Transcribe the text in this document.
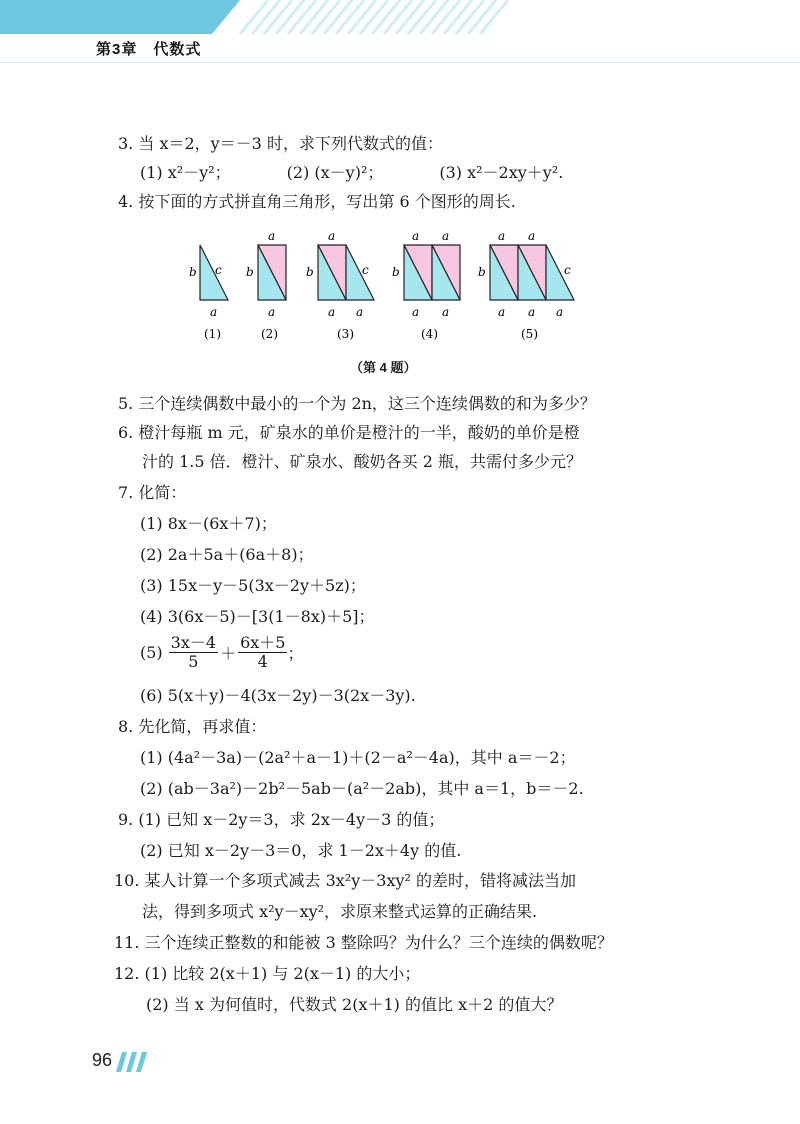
第3章　代数式
3. 当 x＝2，y＝－3 时，求下列代数式的值：
(1) x²－y²；　　　　(2) (x－y)²；　　　　(3) x²－2xy＋y².
4. 按下面的方式拼直角三角形，写出第 6 个图形的周长.
b c
a
a
b
a
a
b	c
a a
a a
b
a a
a a
b	c
a a a
(1)	(2)	(3)	(4)	(5)
（第 4 题）
5. 三个连续偶数中最小的一个为 2n，这三个连续偶数的和为多少？
6. 橙汁每瓶 m 元，矿泉水的单价是橙汁的一半，酸奶的单价是橙
汁的 1.5 倍．橙汁、矿泉水、酸奶各买 2 瓶，共需付多少元？
7. 化简：
(1) 8x－(6x＋7)；
(2) 2a＋5a＋(6a＋8)；
(3) 15x－y－5(3x－2y＋5z)；
(4) 3(6x－5)－[3(1－8x)＋5]；
$(5) \frac{3x-4}{5} + \frac{6x+5}{4}$ ；
(6) 5(x＋y)－4(3x－2y)－3(2x－3y).
8. 先化简，再求值：
(1) (4a²－3a)－(2a²＋a－1)＋(2－a²－4a)，其中 a＝－2；
(2) (ab－3a²)－2b²－5ab－(a²－2ab)，其中 a＝1，b＝－2.
9. (1) 已知 x－2y＝3，求 2x－4y－3 的值；
(2) 已知 x－2y－3＝0，求 1－2x＋4y 的值.
10. 某人计算一个多项式减去 3x²y－3xy² 的差时，错将减法当加
法，得到多项式 x²y－xy²，求原来整式运算的正确结果.
11. 三个连续正整数的和能被 3 整除吗？为什么？三个连续的偶数呢？
12. (1) 比较 2(x＋1) 与 2(x－1) 的大小；
(2) 当 x 为何值时，代数式 2(x＋1) 的值比 x＋2 的值大？
96
